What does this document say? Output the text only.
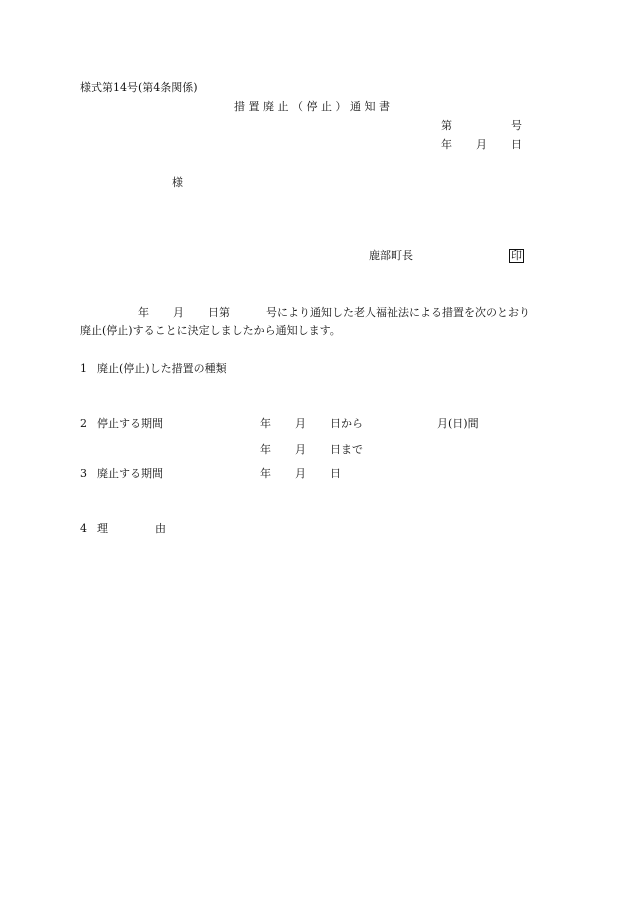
様式第14号(第4条関係)
措 置 廃 止 （ 停 止 ） 通 知 書
第	号
年 月 日
様
鹿部町長	印
年 月 日第	号により通知した老人福祉法による措置を次のとおり
廃止(停止)することに決定しましたから通知します。
1 廃止(停止)した措置の種類
2 停止する期間	年 月 日から	月(日)間
年 月 日まで
3 廃止する期間	年 月 日
4 理	由
